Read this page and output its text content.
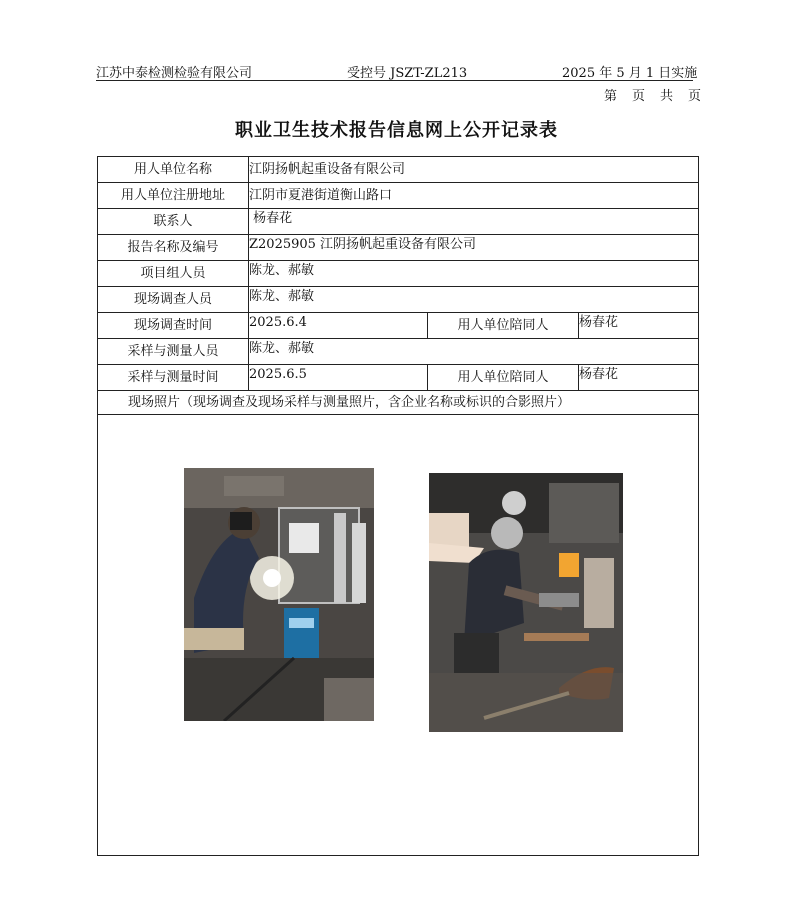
江苏中泰检测检验有限公司	受控号 JSZT-ZL213	2025 年 5 月 1 日实施
第 页 共 页
职业卫生技术报告信息网上公开记录表
用人单位名称	江阴扬帆起重设备有限公司
用人单位注册地址	江阴市夏港街道衡山路口
联系人	杨春花
报告名称及编号	Z2025905 江阴扬帆起重设备有限公司
项目组人员	陈龙、郝敏
现场调查人员	陈龙、郝敏
现场调查时间	2025.6.4	用人单位陪同人	杨春花
采样与测量人员	陈龙、郝敏
采样与测量时间	2025.6.5	用人单位陪同人	杨春花
现场照片（现场调查及现场采样与测量照片，含企业名称或标识的合影照片）
